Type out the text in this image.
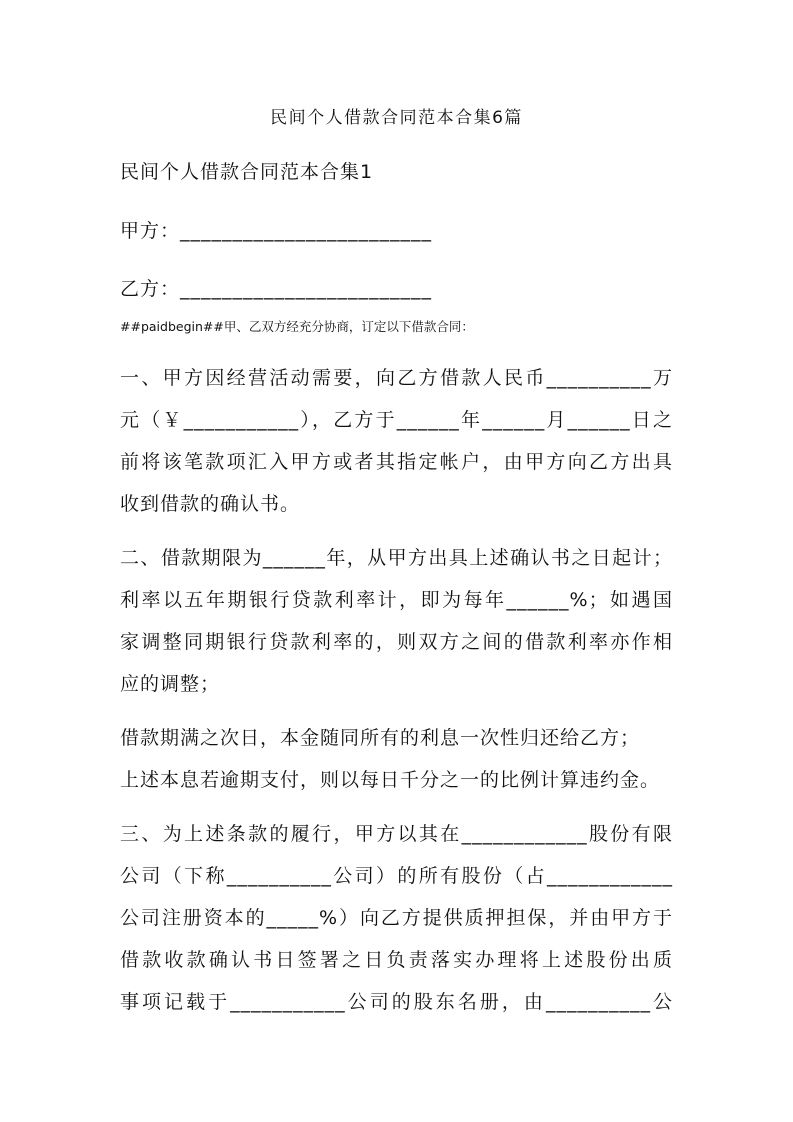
民间个人借款合同范本合集6篇
民间个人借款合同范本合集1
甲方：________________________
乙方：________________________
##paidbegin##甲、乙双方经充分协商，订定以下借款合同：
一、甲方因经营活动需要，向乙方借款人民币__________万
元（￥___________），乙方于______年______月______日之
前将该笔款项汇入甲方或者其指定帐户，由甲方向乙方出具
收到借款的确认书。
二、借款期限为______年，从甲方出具上述确认书之日起计；
利率以五年期银行贷款利率计，即为每年______%；如遇国
家调整同期银行贷款利率的，则双方之间的借款利率亦作相
应的调整；
借款期满之次日，本金随同所有的利息一次性归还给乙方；
上述本息若逾期支付，则以每日千分之一的比例计算违约金。
三、为上述条款的履行，甲方以其在____________股份有限
公司（下称__________公司）的所有股份（占____________
公司注册资本的_____%）向乙方提供质押担保，并由甲方于
借款收款确认书日签署之日负责落实办理将上述股份出质
事项记载于___________公司的股东名册，由__________公
